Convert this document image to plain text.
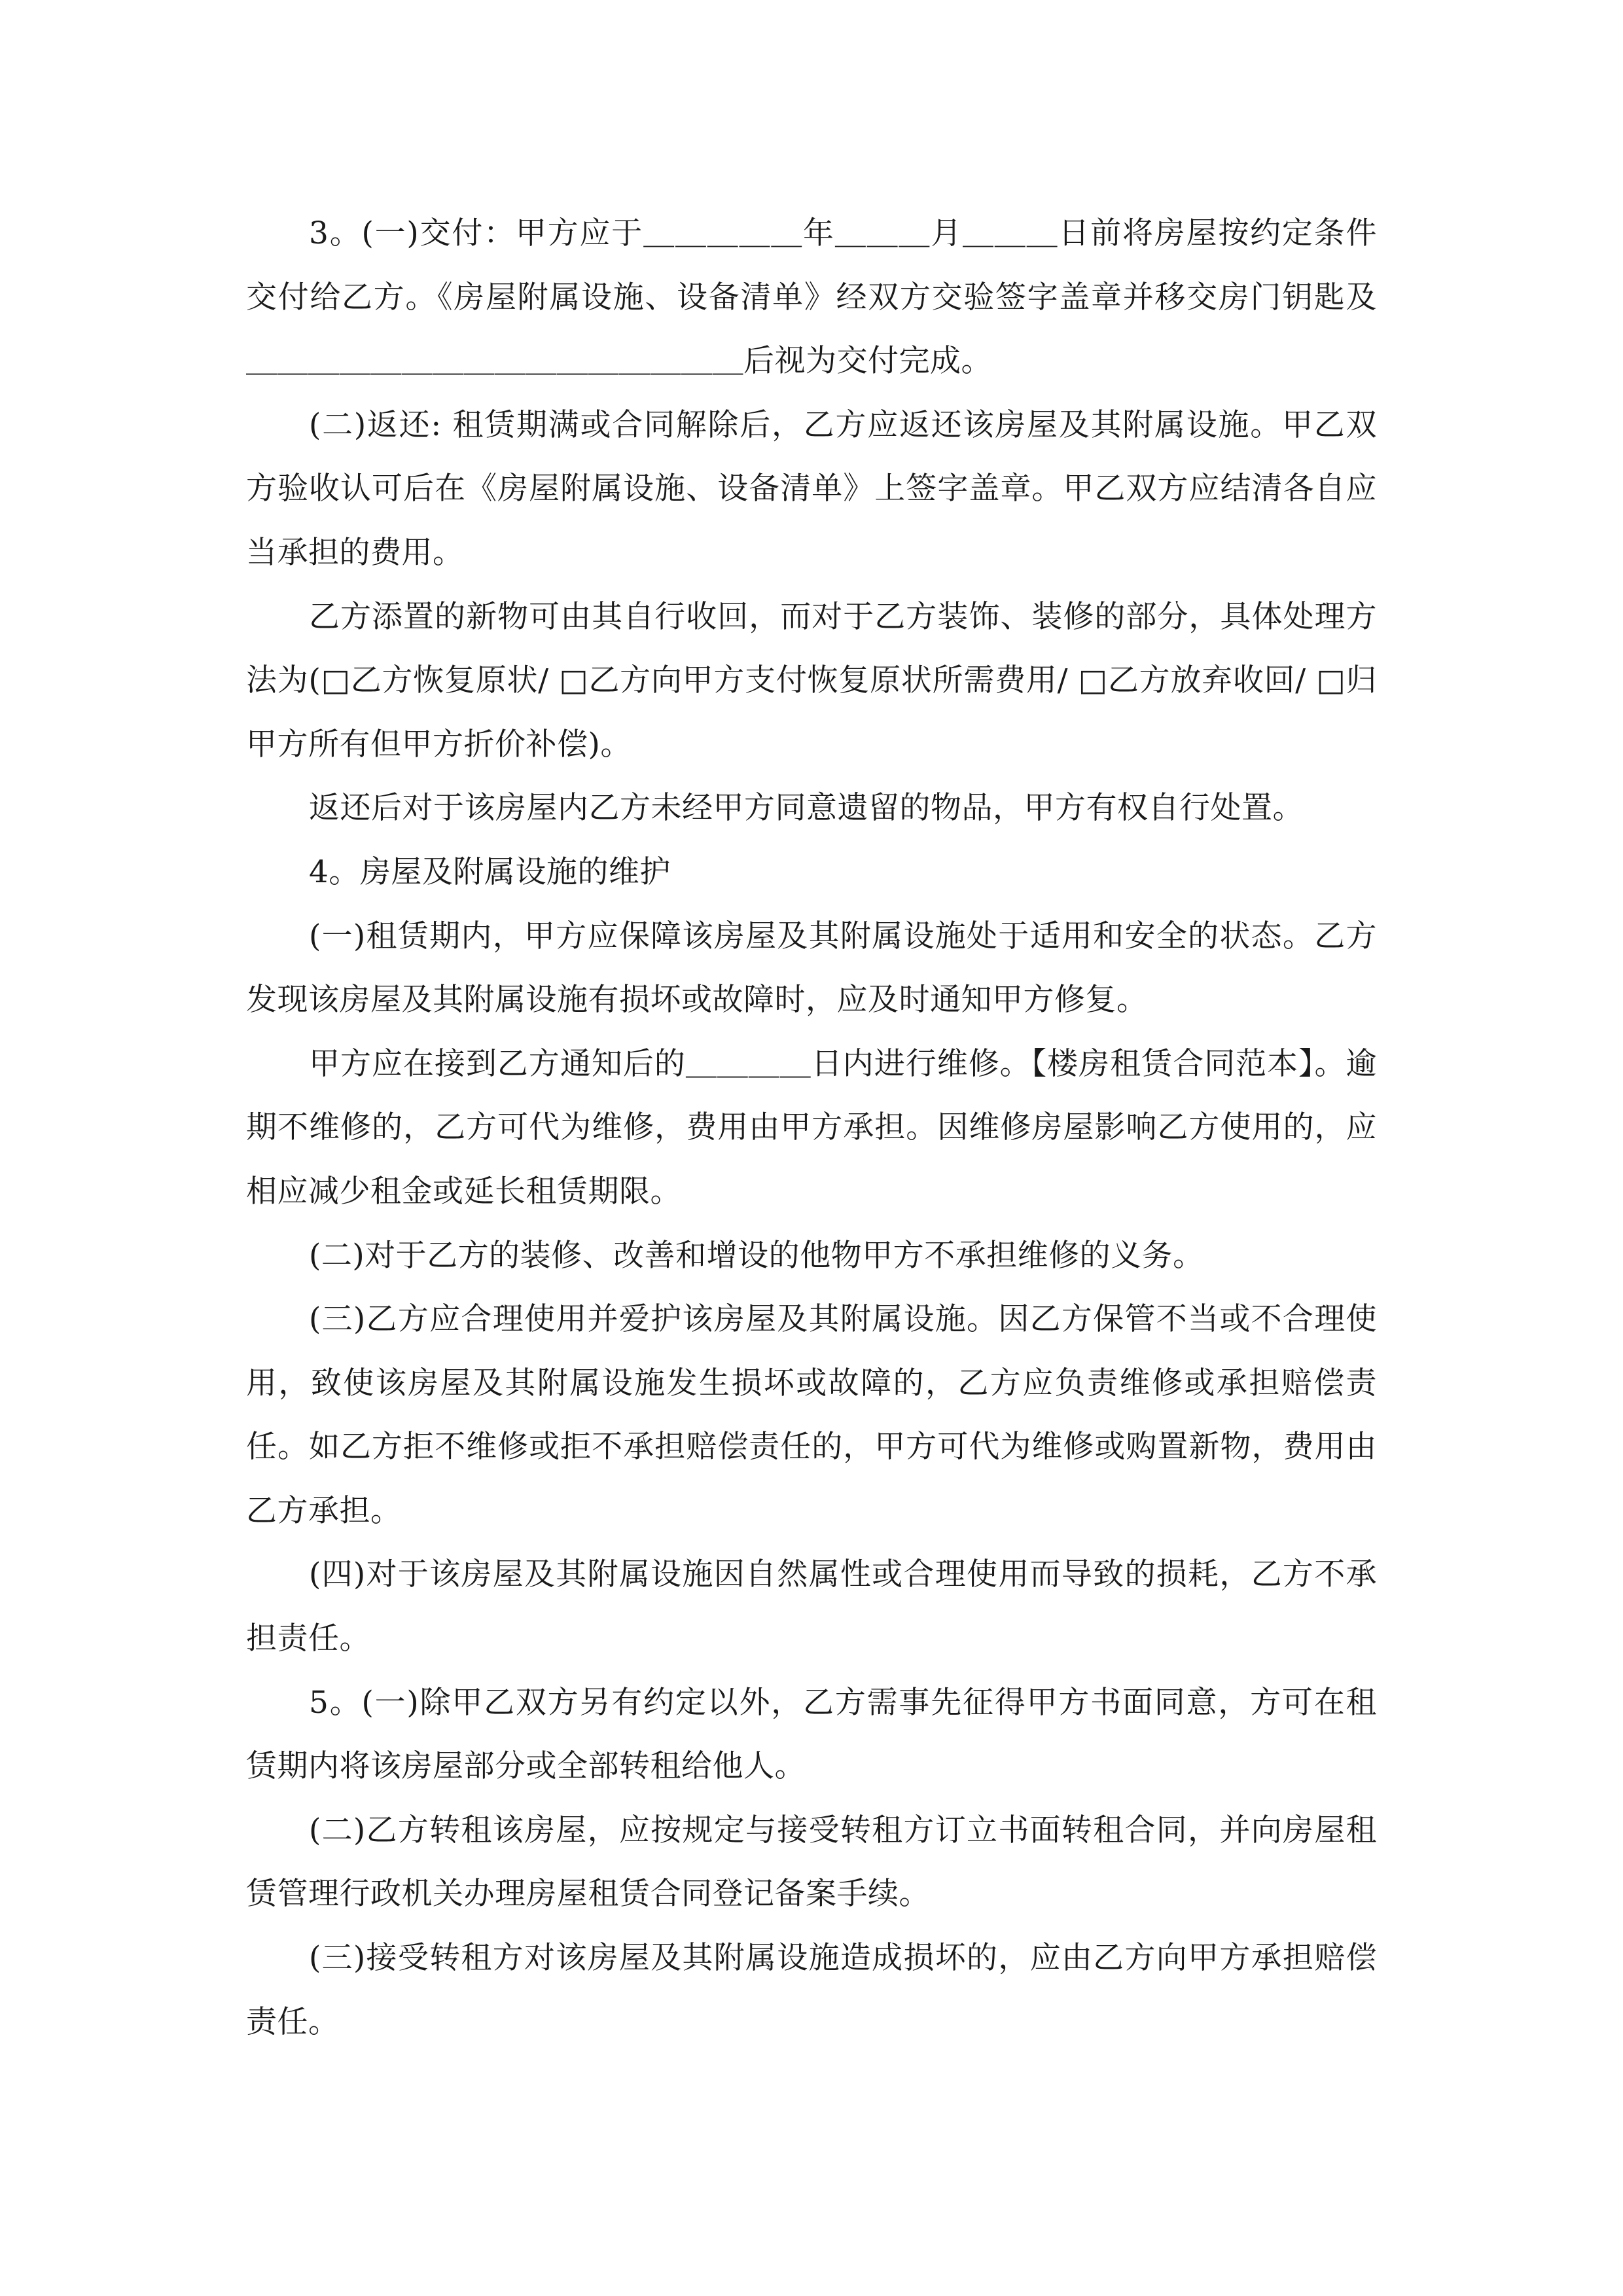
3。(一)交付：甲方应于＿＿＿＿＿年＿＿＿月＿＿＿日前将房屋按约定条件交付给乙方。《房屋附属设施、设备清单》经双方交验签字盖章并移交房门钥匙及＿＿＿＿＿＿＿＿＿＿＿＿＿＿＿＿后视为交付完成。

(二)返还: 租赁期满或合同解除后，乙方应返还该房屋及其附属设施。甲乙双方验收认可后在《房屋附属设施、设备清单》上签字盖章。甲乙双方应结清各自应当承担的费用。

乙方添置的新物可由其自行收回，而对于乙方装饰、装修的部分，具体处理方法为(□乙方恢复原状/ □乙方向甲方支付恢复原状所需费用/ □乙方放弃收回/ □归甲方所有但甲方折价补偿)。

返还后对于该房屋内乙方未经甲方同意遗留的物品，甲方有权自行处置。

4。房屋及附属设施的维护

(一)租赁期内，甲方应保障该房屋及其附属设施处于适用和安全的状态。乙方发现该房屋及其附属设施有损坏或故障时，应及时通知甲方修复。

甲方应在接到乙方通知后的＿＿＿＿日内进行维修。【楼房租赁合同范本】。逾期不维修的，乙方可代为维修，费用由甲方承担。因维修房屋影响乙方使用的，应相应减少租金或延长租赁期限。

(二)对于乙方的装修、改善和增设的他物甲方不承担维修的义务。

(三)乙方应合理使用并爱护该房屋及其附属设施。因乙方保管不当或不合理使用，致使该房屋及其附属设施发生损坏或故障的，乙方应负责维修或承担赔偿责任。如乙方拒不维修或拒不承担赔偿责任的，甲方可代为维修或购置新物，费用由乙方承担。

(四)对于该房屋及其附属设施因自然属性或合理使用而导致的损耗，乙方不承担责任。

5。(一)除甲乙双方另有约定以外，乙方需事先征得甲方书面同意，方可在租赁期内将该房屋部分或全部转租给他人。

(二)乙方转租该房屋，应按规定与接受转租方订立书面转租合同，并向房屋租赁管理行政机关办理房屋租赁合同登记备案手续。

(三)接受转租方对该房屋及其附属设施造成损坏的，应由乙方向甲方承担赔偿责任。
